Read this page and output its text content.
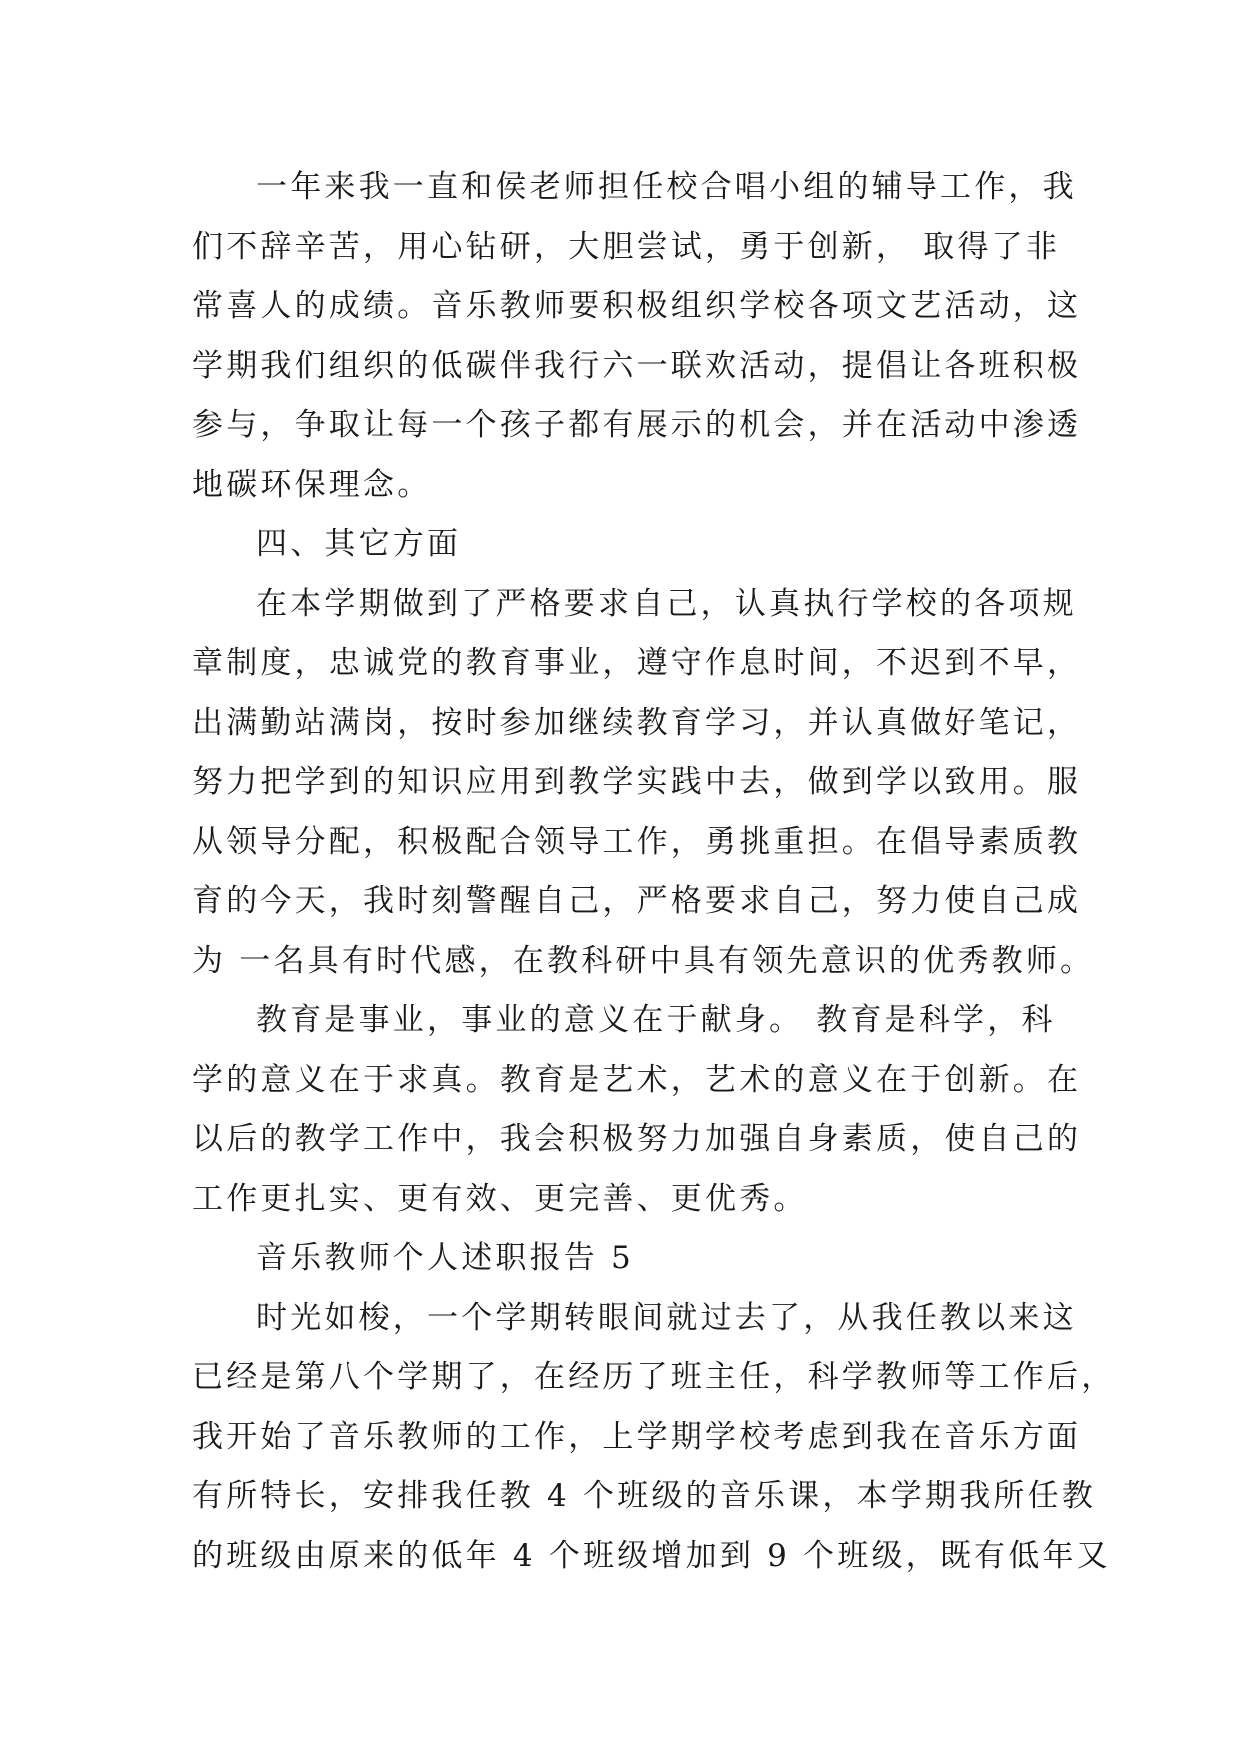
一年来我一直和侯老师担任校合唱小组的辅导工作，我
们不辞辛苦，用心钻研，大胆尝试，勇于创新， 取得了非
常喜人的成绩。音乐教师要积极组织学校各项文艺活动，这
学期我们组织的低碳伴我行六一联欢活动，提倡让各班积极
参与，争取让每一个孩子都有展示的机会，并在活动中渗透
地碳环保理念。
四、其它方面
在本学期做到了严格要求自己，认真执行学校的各项规
章制度，忠诚党的教育事业，遵守作息时间，不迟到不早，
出满勤站满岗，按时参加继续教育学习，并认真做好笔记，
努力把学到的知识应用到教学实践中去，做到学以致用。服
从领导分配，积极配合领导工作，勇挑重担。在倡导素质教
育的今天，我时刻警醒自己，严格要求自己，努力使自己成
为 一名具有时代感，在教科研中具有领先意识的优秀教师。
教育是事业，事业的意义在于献身。 教育是科学，科
学的意义在于求真。教育是艺术，艺术的意义在于创新。在
以后的教学工作中，我会积极努力加强自身素质，使自己的
工作更扎实、更有效、更完善、更优秀。
音乐教师个人述职报告 5
时光如梭，一个学期转眼间就过去了，从我任教以来这
已经是第八个学期了，在经历了班主任，科学教师等工作后，
我开始了音乐教师的工作，上学期学校考虑到我在音乐方面
有所特长，安排我任教 4 个班级的音乐课，本学期我所任教
的班级由原来的低年 4 个班级增加到 9 个班级，既有低年又
